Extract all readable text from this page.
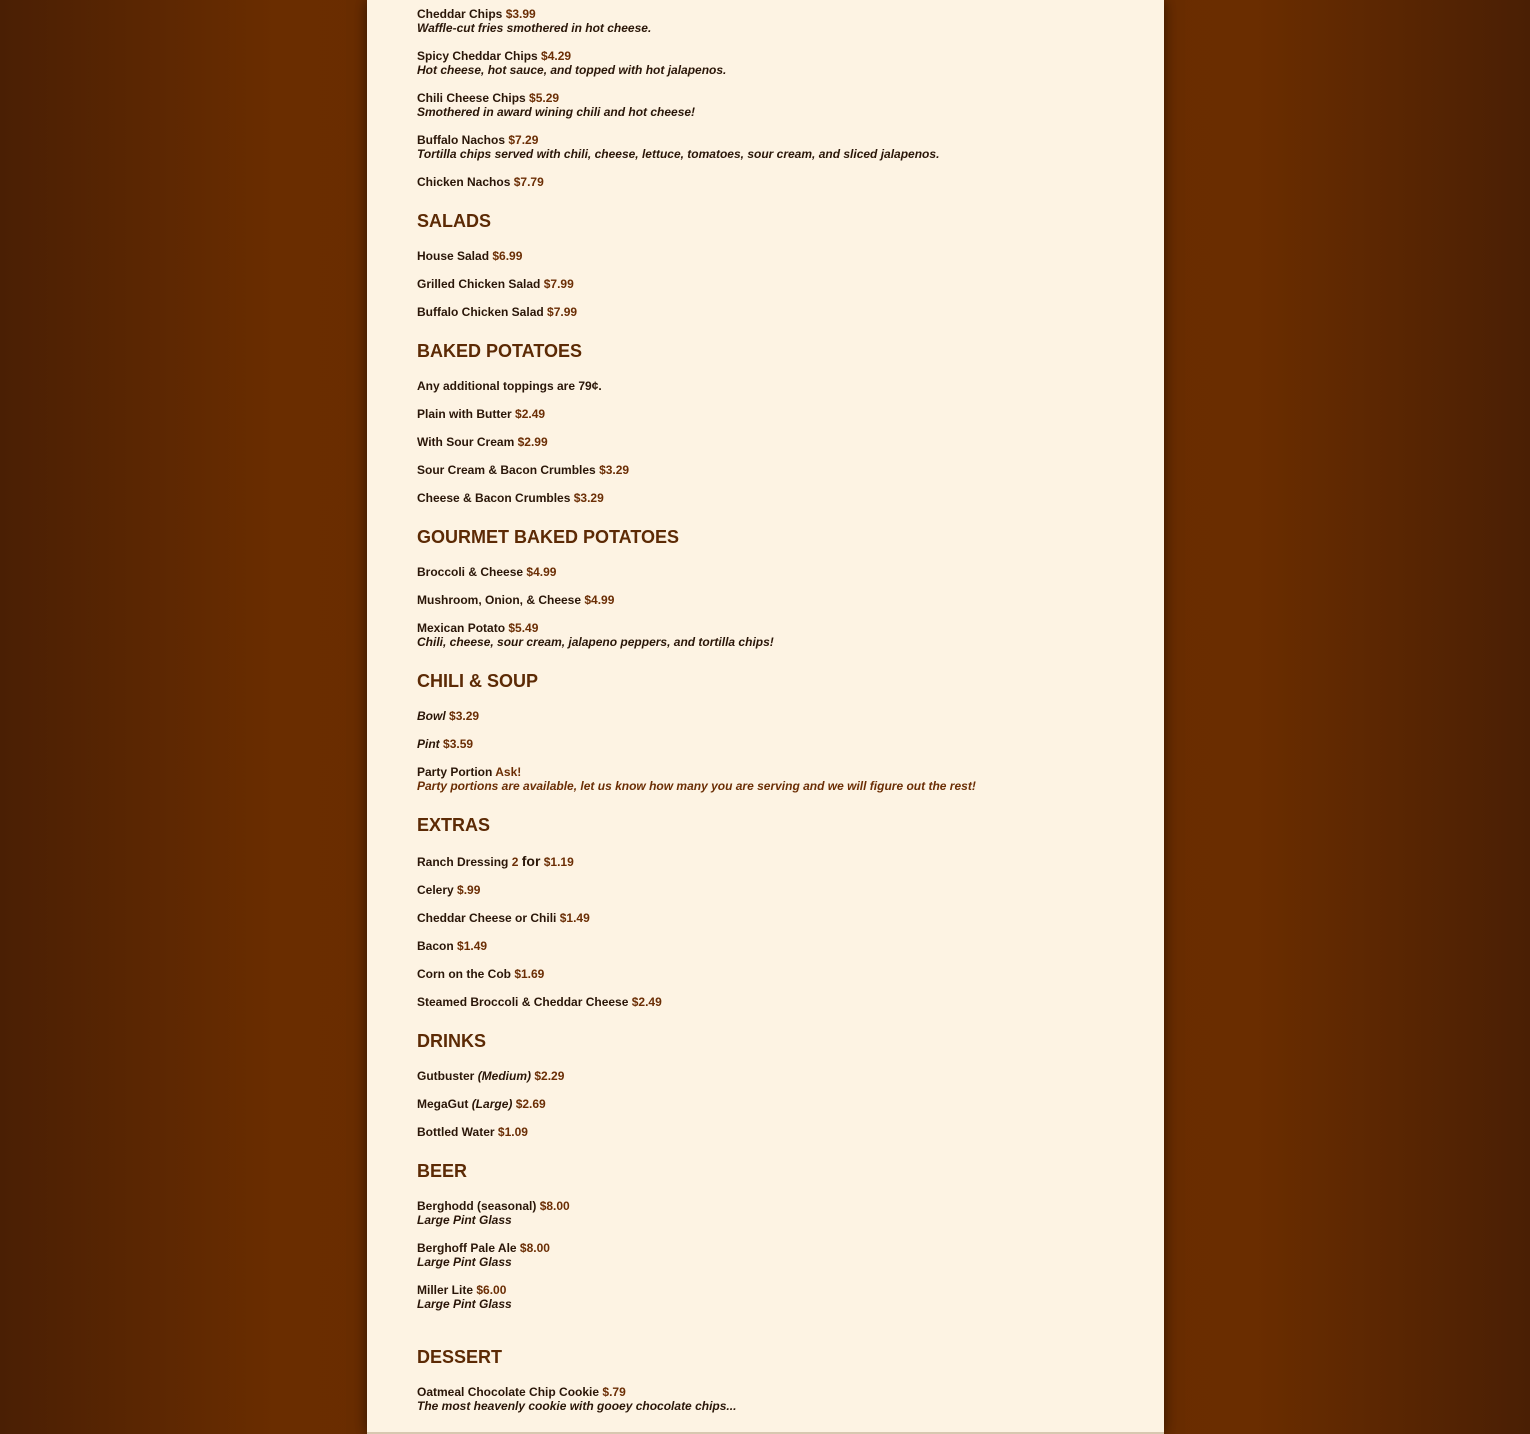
Cheddar Chips $3.99
Waffle-cut fries smothered in hot cheese.
Spicy Cheddar Chips $4.29
Hot cheese, hot sauce, and topped with hot jalapenos.
Chili Cheese Chips $5.29
Smothered in award wining chili and hot cheese!
Buffalo Nachos $7.29
Tortilla chips served with chili, cheese, lettuce, tomatoes, sour cream, and sliced jalapenos.
Chicken Nachos $7.79
SALADS
House Salad $6.99
Grilled Chicken Salad $7.99
Buffalo Chicken Salad $7.99
BAKED POTATOES
Any additional toppings are 79¢.
Plain with Butter $2.49
With Sour Cream $2.99
Sour Cream & Bacon Crumbles $3.29
Cheese & Bacon Crumbles $3.29
GOURMET BAKED POTATOES
Broccoli & Cheese $4.99
Mushroom, Onion, & Cheese $4.99
Mexican Potato $5.49
Chili, cheese, sour cream, jalapeno peppers, and tortilla chips!
CHILI & SOUP
Bowl $3.29
Pint $3.59
Party Portion Ask!
Party portions are available, let us know how many you are serving and we will figure out the rest!
EXTRAS
Ranch Dressing 2 for $1.19
Celery $.99
Cheddar Cheese or Chili $1.49
Bacon $1.49
Corn on the Cob $1.69
Steamed Broccoli & Cheddar Cheese $2.49
DRINKS
Gutbuster (Medium) $2.29
MegaGut (Large) $2.69
Bottled Water $1.09
BEER
Berghodd (seasonal) $8.00
Large Pint Glass
Berghoff Pale Ale $8.00
Large Pint Glass
Miller Lite $6.00
Large Pint Glass
DESSERT
Oatmeal Chocolate Chip Cookie $.79
The most heavenly cookie with gooey chocolate chips...
